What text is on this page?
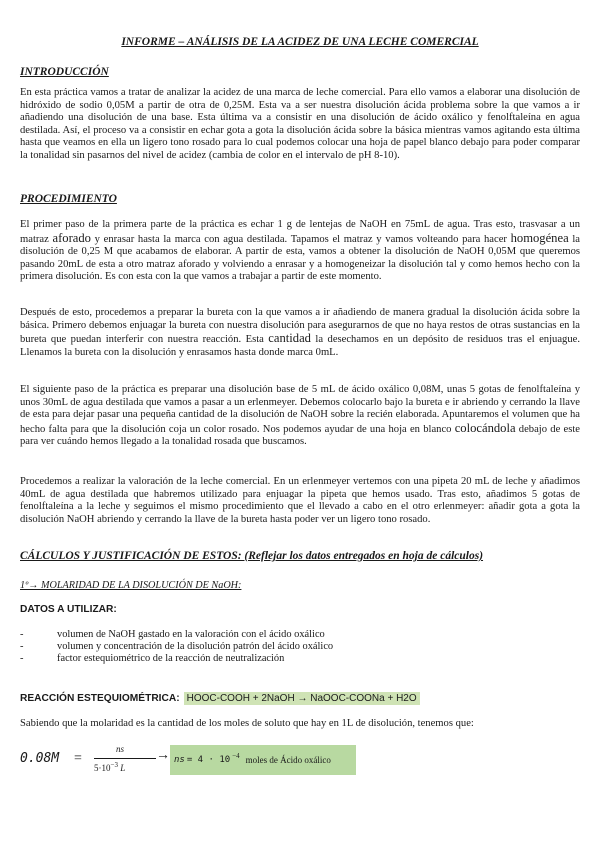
INFORME – ANÁLISIS DE LA ACIDEZ DE UNA LECHE COMERCIAL
INTRODUCCIÓN

En esta práctica vamos a tratar de analizar la acidez de una marca de leche comercial. Para ello vamos a elaborar una disolución de hidróxido de sodio 0,05M a partir de otra de 0,25M. Esta va a ser nuestra disolución ácida problema sobre la que vamos a ir añadiendo una disolución de una base. Esta última va a consistir en una disolución de ácido oxálico y fenolftaleína en agua destilada. Así, el proceso va a consistir en echar gota a gota la disolución ácida sobre la básica mientras vamos agitando esta última hasta que veamos en ella un ligero tono rosado para lo cual podemos colocar una hoja de papel blanco debajo para poder comparar la tonalidad sin pasarnos del nivel de acidez (cambia de color en el intervalo de pH 8-10).

PROCEDIMIENTO

El primer paso de la primera parte de la práctica es echar 1 g de lentejas de NaOH en 75mL de agua. Tras esto, trasvasar a un matraz aforado y enrasar hasta la marca con agua destilada. Tapamos el matraz y vamos volteando para hacer homogénea la disolución de 0,25 M que acabamos de elaborar. A partir de esta, vamos a obtener la disolución de NaOH 0,05M que queremos pasando 20mL de esta a otro matraz aforado y volviendo a enrasar y a homogeneizar la disolución tal y como hemos hecho con la primera disolución. Es con esta con la que vamos a trabajar a partir de este momento.

Después de esto, procedemos a preparar la bureta con la que vamos a ir añadiendo de manera gradual la disolución ácida sobre la básica. Primero debemos enjuagar la bureta con nuestra disolución para asegurarnos de que no haya restos de otras sustancias en la bureta que puedan interferir con nuestra reacción. Esta cantidad la desechamos en un depósito de residuos tras el enjuague. Llenamos la bureta con la disolución y enrasamos hasta donde marca 0mL.

El siguiente paso de la práctica es preparar una disolución base de 5 mL de ácido oxálico 0,08M, unas 5 gotas de fenolftaleína y unos 30mL de agua destilada que vamos a pasar a un erlenmeyer. Debemos colocarlo bajo la bureta e ir abriendo y cerrando la llave de esta para dejar pasar una pequeña cantidad de la disolución de NaOH sobre la recién elaborada. Apuntaremos el volumen que ha hecho falta para que la disolución coja un color rosado. Nos podemos ayudar de una hoja en blanco colocándola debajo de este para ver cuándo hemos llegado a la tonalidad rosada que buscamos.

Procedemos a realizar la valoración de la leche comercial. En un erlenmeyer vertemos con una pipeta 20 mL de leche y añadimos 40mL de agua destilada que habremos utilizado para enjuagar la pipeta que hemos usado. Tras esto, añadimos 5 gotas de fenolftaleína a la leche y seguimos el mismo procedimiento que el llevado a cabo en el otro erlenmeyer: añadir gota a gota la disolución NaOH abriendo y cerrando la llave de la bureta hasta poder ver un ligero tono rosado.

CÁLCULOS Y JUSTIFICACIÓN DE ESTOS: (Reflejar los datos entregados en hoja de cálculos)
1º→ MOLARIDAD DE LA DISOLUCIÓN DE NaOH:
DATOS A UTILIZAR:
-	volumen de NaOH gastado en la valoración con el ácido oxálico
-	volumen y concentración de la disolución patrón del ácido oxálico
-	factor estequiométrico de la reacción de neutralización
REACCIÓN ESTEQUIOMÉTRICA: HOOC-COOH + 2NaOH → NaOOC-COONa + H2O

Sabiendo que la molaridad es la cantidad de los moles de soluto que hay en 1L de disolución, tenemos que:

0.08M =
ns
$5\cdot 10^{-3}$ L
→ ns = 4 · 10 $^{-4}$ moles de Ácido oxálico
